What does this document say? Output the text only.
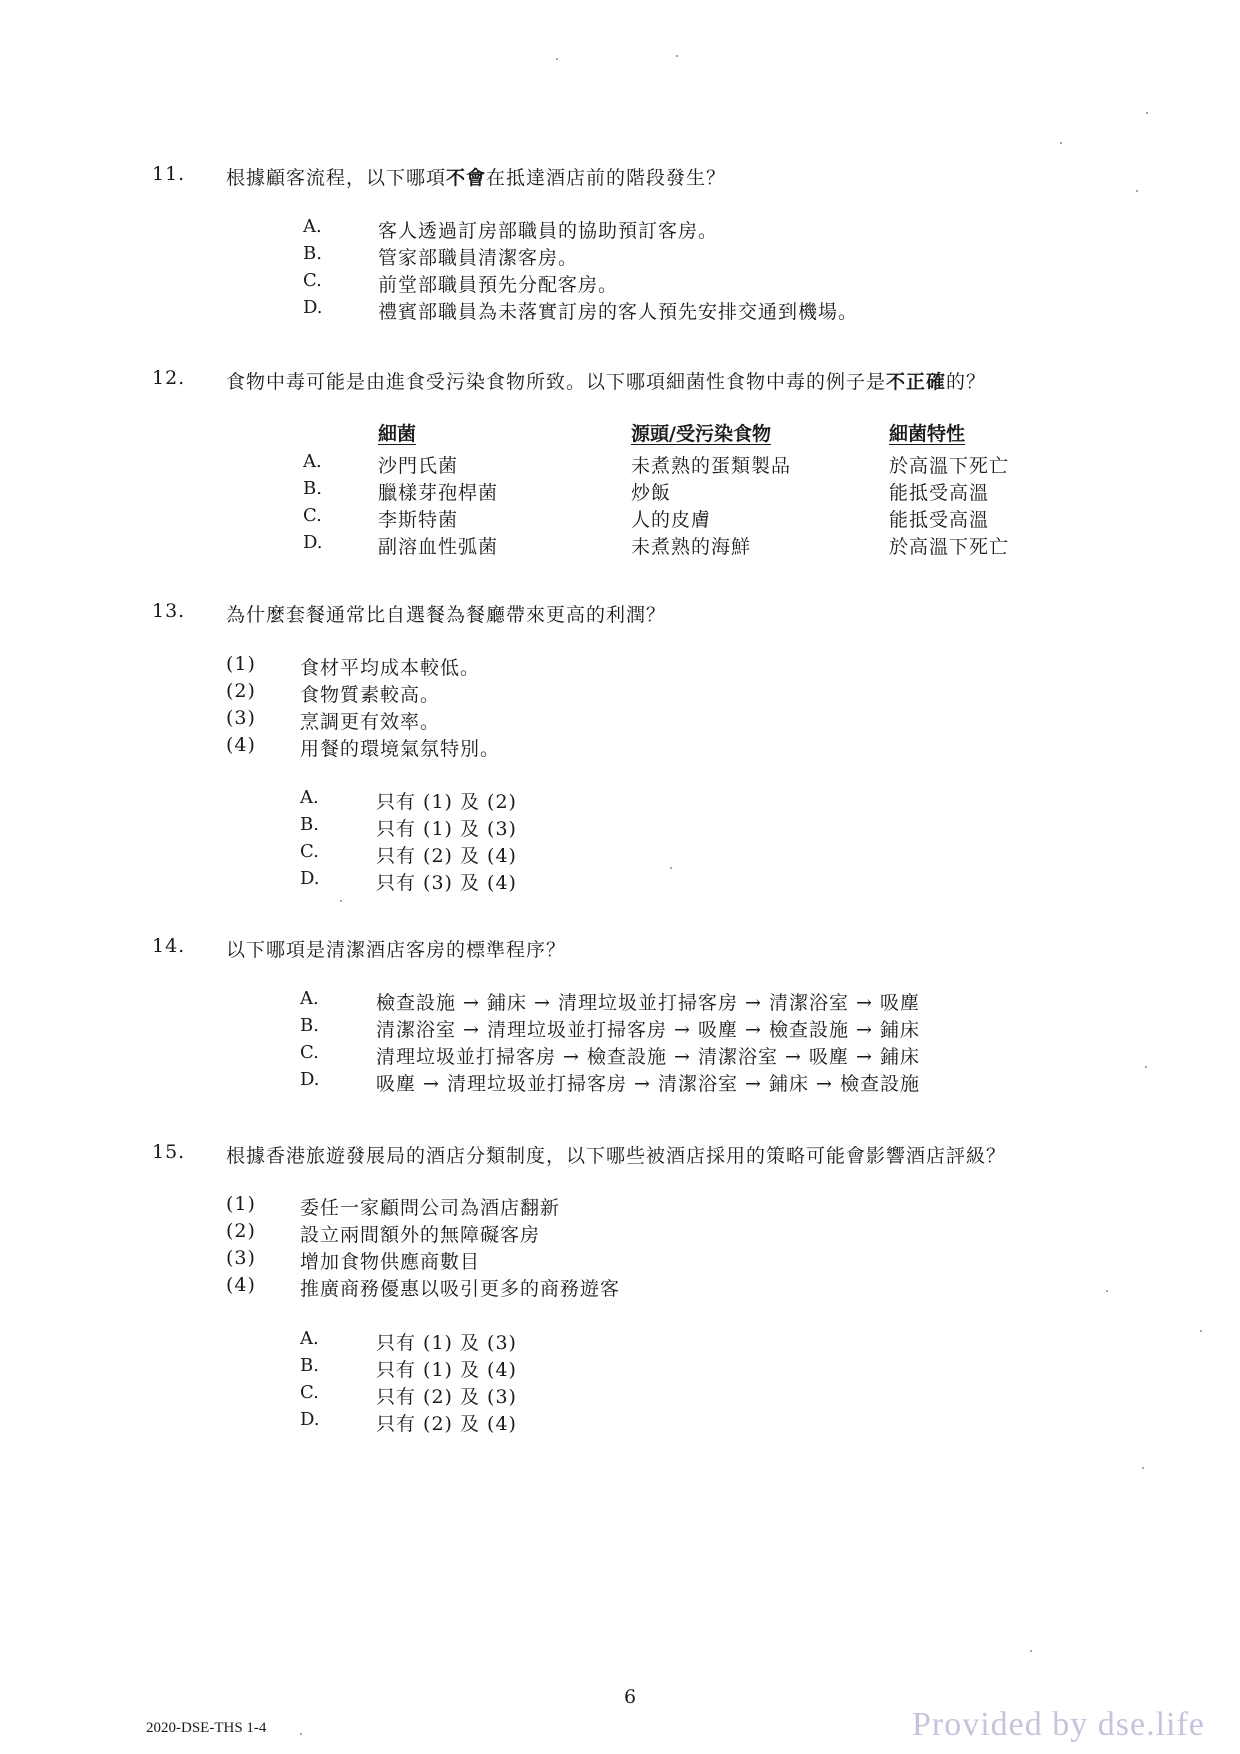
11. 根據顧客流程，以下哪項不會在抵達酒店前的階段發生？
A.	客人透過訂房部職員的協助預訂客房。
B.	管家部職員清潔客房。
C.	前堂部職員預先分配客房。
D.	禮賓部職員為未落實訂房的客人預先安排交通到機場。
12. 食物中毒可能是由進食受污染食物所致。以下哪項細菌性食物中毒的例子是不正確的？
細菌	源頭/受污染食物	細菌特性
A.	沙門氏菌	未煮熟的蛋類製品	於高溫下死亡
B.	臘樣芽孢桿菌	炒飯	能抵受高溫
C.	李斯特菌	人的皮膚	能抵受高溫
D.	副溶血性弧菌	未煮熟的海鮮	於高溫下死亡
13. 為什麼套餐通常比自選餐為餐廳帶來更高的利潤？
(1) 食材平均成本較低。
(2) 食物質素較高。
(3) 烹調更有效率。
(4) 用餐的環境氣氛特別。
A.	只有 (1) 及 (2)
B.	只有 (1) 及 (3)
C.	只有 (2) 及 (4)
D.	只有 (3) 及 (4)
14. 以下哪項是清潔酒店客房的標準程序？
A.	檢查設施 → 鋪床 → 清理垃圾並打掃客房 → 清潔浴室 → 吸塵
B.	清潔浴室 → 清理垃圾並打掃客房 → 吸塵 → 檢查設施 → 鋪床
C.	清理垃圾並打掃客房 → 檢查設施 → 清潔浴室 → 吸塵 → 鋪床
D.	吸塵 → 清理垃圾並打掃客房 → 清潔浴室 → 鋪床 → 檢查設施
15. 根據香港旅遊發展局的酒店分類制度，以下哪些被酒店採用的策略可能會影響酒店評級？
(1) 委任一家顧問公司為酒店翻新
(2) 設立兩間額外的無障礙客房
(3) 增加食物供應商數目
(4) 推廣商務優惠以吸引更多的商務遊客
A.	只有 (1) 及 (3)
B.	只有 (1) 及 (4)
C.	只有 (2) 及 (3)
D.	只有 (2) 及 (4)
6
2020-DSE-THS 1-4	Provided by dse.life
